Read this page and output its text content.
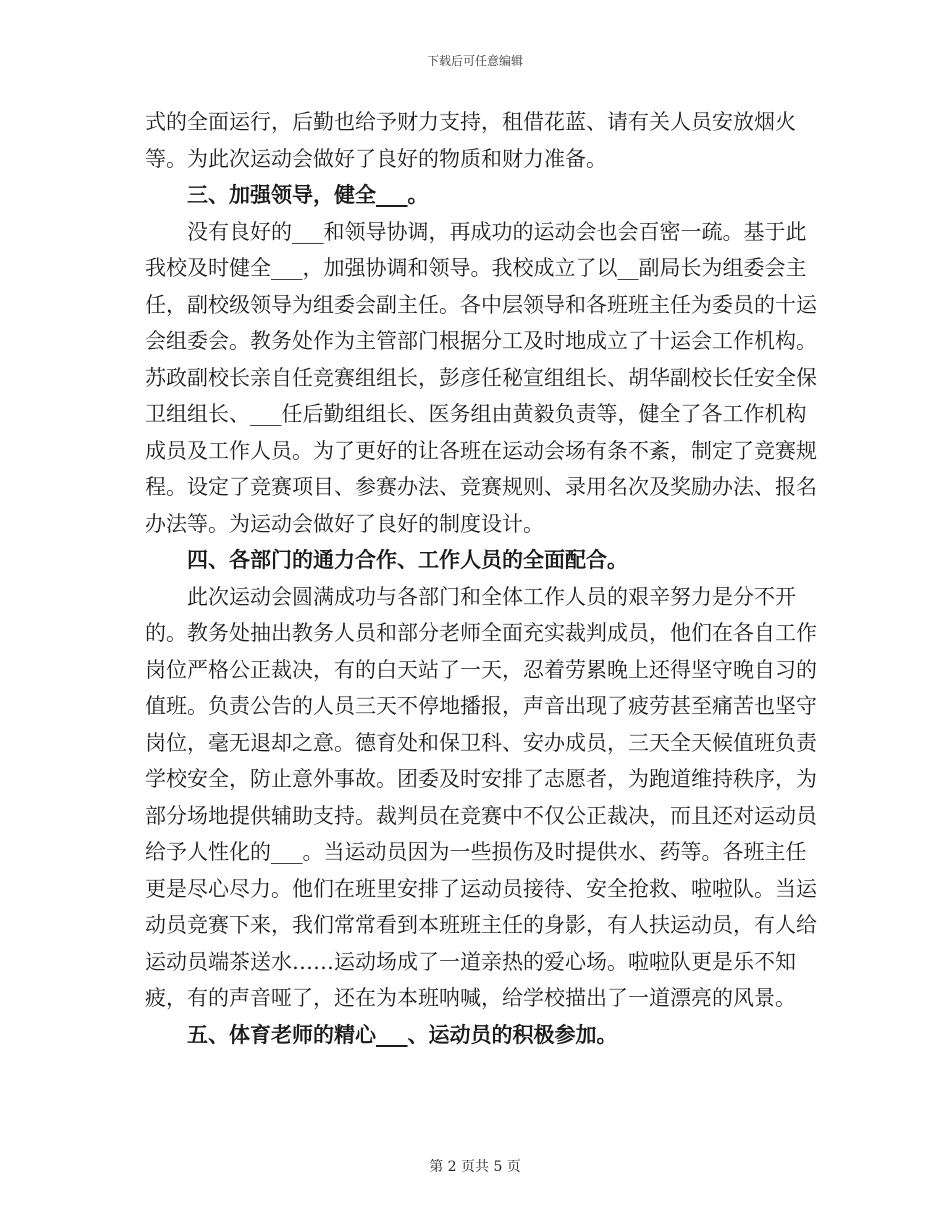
下载后可任意编辑

式的全面运行，后勤也给予财力支持，租借花蓝、请有关人员安放烟火等。为此次运动会做好了良好的物质和财力准备。

三、加强领导，健全___。

没有良好的___和领导协调，再成功的运动会也会百密一疏。基于此我校及时健全___，加强协调和领导。我校成立了以__副局长为组委会主任，副校级领导为组委会副主任。各中层领导和各班班主任为委员的十运会组委会。教务处作为主管部门根据分工及时地成立了十运会工作机构。苏政副校长亲自任竞赛组组长，彭彦任秘宣组组长、胡华副校长任安全保卫组组长、___任后勤组组长、医务组由黄毅负责等，健全了各工作机构成员及工作人员。为了更好的让各班在运动会场有条不紊，制定了竞赛规程。设定了竞赛项目、参赛办法、竞赛规则、录用名次及奖励办法、报名办法等。为运动会做好了良好的制度设计。

四、各部门的通力合作、工作人员的全面配合。

此次运动会圆满成功与各部门和全体工作人员的艰辛努力是分不开的。教务处抽出教务人员和部分老师全面充实裁判成员，他们在各自工作岗位严格公正裁决，有的白天站了一天，忍着劳累晚上还得坚守晚自习的值班。负责公告的人员三天不停地播报，声音出现了疲劳甚至痛苦也坚守岗位，毫无退却之意。德育处和保卫科、安办成员，三天全天候值班负责学校安全，防止意外事故。团委及时安排了志愿者，为跑道维持秩序，为部分场地提供辅助支持。裁判员在竞赛中不仅公正裁决，而且还对运动员给予人性化的___。当运动员因为一些损伤及时提供水、药等。各班主任更是尽心尽力。他们在班里安排了运动员接待、安全抢救、啦啦队。当运动员竞赛下来，我们常常看到本班班主任的身影，有人扶运动员，有人给运动员端茶送水……运动场成了一道亲热的爱心场。啦啦队更是乐不知疲，有的声音哑了，还在为本班呐喊，给学校描出了一道漂亮的风景。

五、体育老师的精心___、运动员的积极参加。

第 2 页共 5 页
